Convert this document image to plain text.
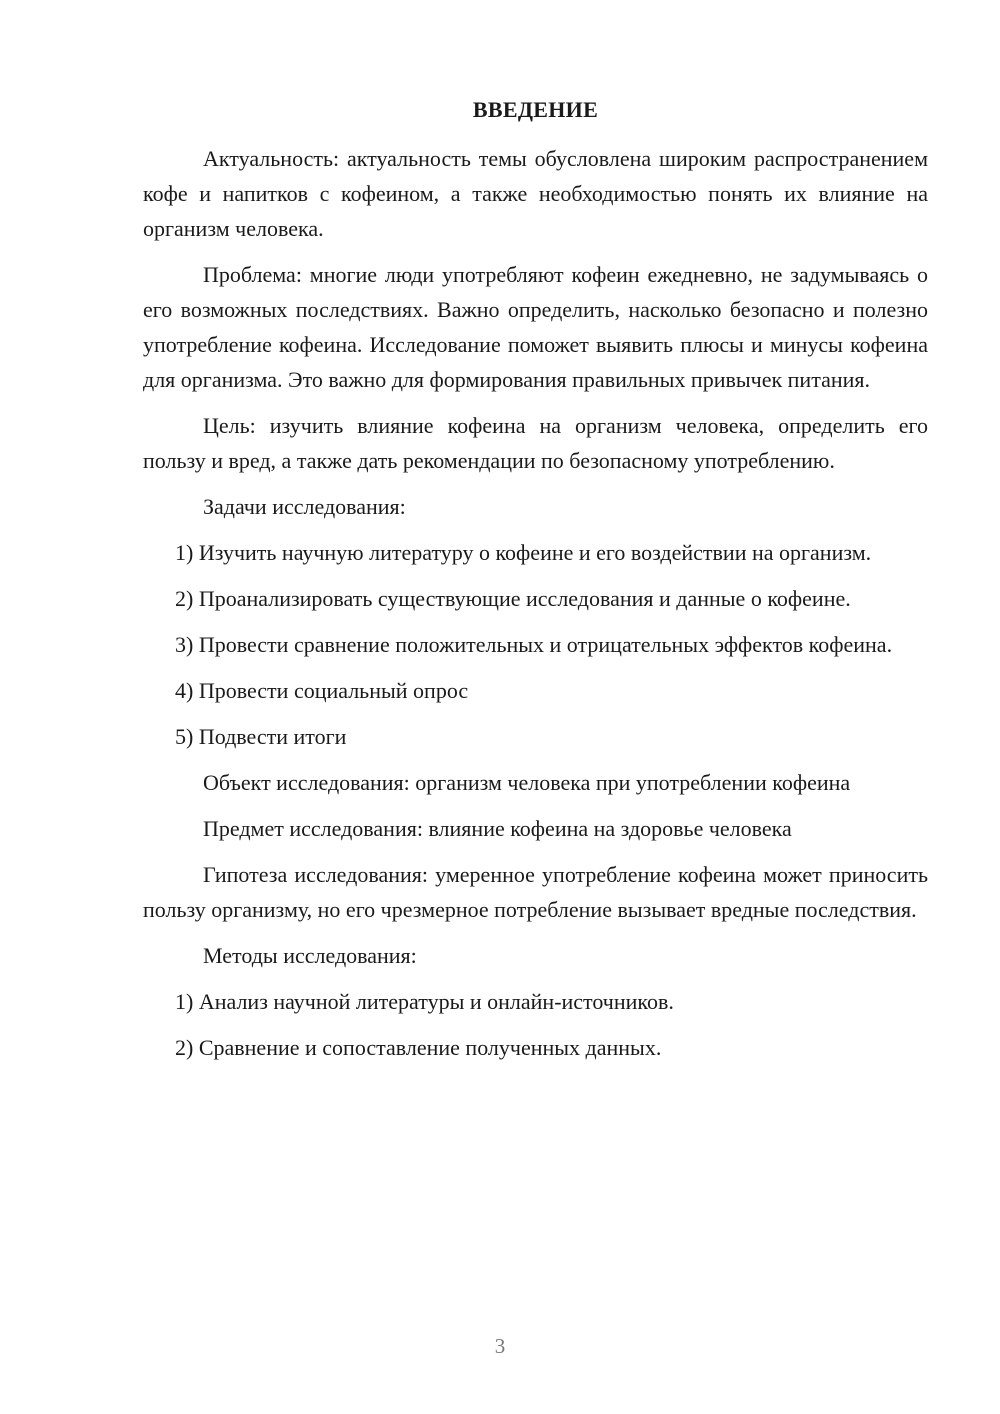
ВВЕДЕНИЕ

Актуальность: актуальность темы обусловлена широким распространением кофе и напитков с кофеином, а также необходимостью понять их влияние на организм человека.

Проблема: многие люди употребляют кофеин ежедневно, не задумываясь о его возможных последствиях. Важно определить, насколько безопасно и полезно употребление кофеина. Исследование поможет выявить плюсы и минусы кофеина для организма. Это важно для формирования правильных привычек питания.

Цель: изучить влияние кофеина на организм человека, определить его пользу и вред, а также дать рекомендации по безопасному употреблению.

Задачи исследования:

1) Изучить научную литературу о кофеине и его воздействии на организм.

2) Проанализировать существующие исследования и данные о кофеине.

3) Провести сравнение положительных и отрицательных эффектов кофеина.

4) Провести социальный опрос

5) Подвести итоги

Объект исследования: организм человека при употреблении кофеина

Предмет исследования: влияние кофеина на здоровье человека

Гипотеза исследования: умеренное употребление кофеина может приносить пользу организму, но его чрезмерное потребление вызывает вредные последствия.

Методы исследования:

1) Анализ научной литературы и онлайн-источников.

2) Сравнение и сопоставление полученных данных.

3
